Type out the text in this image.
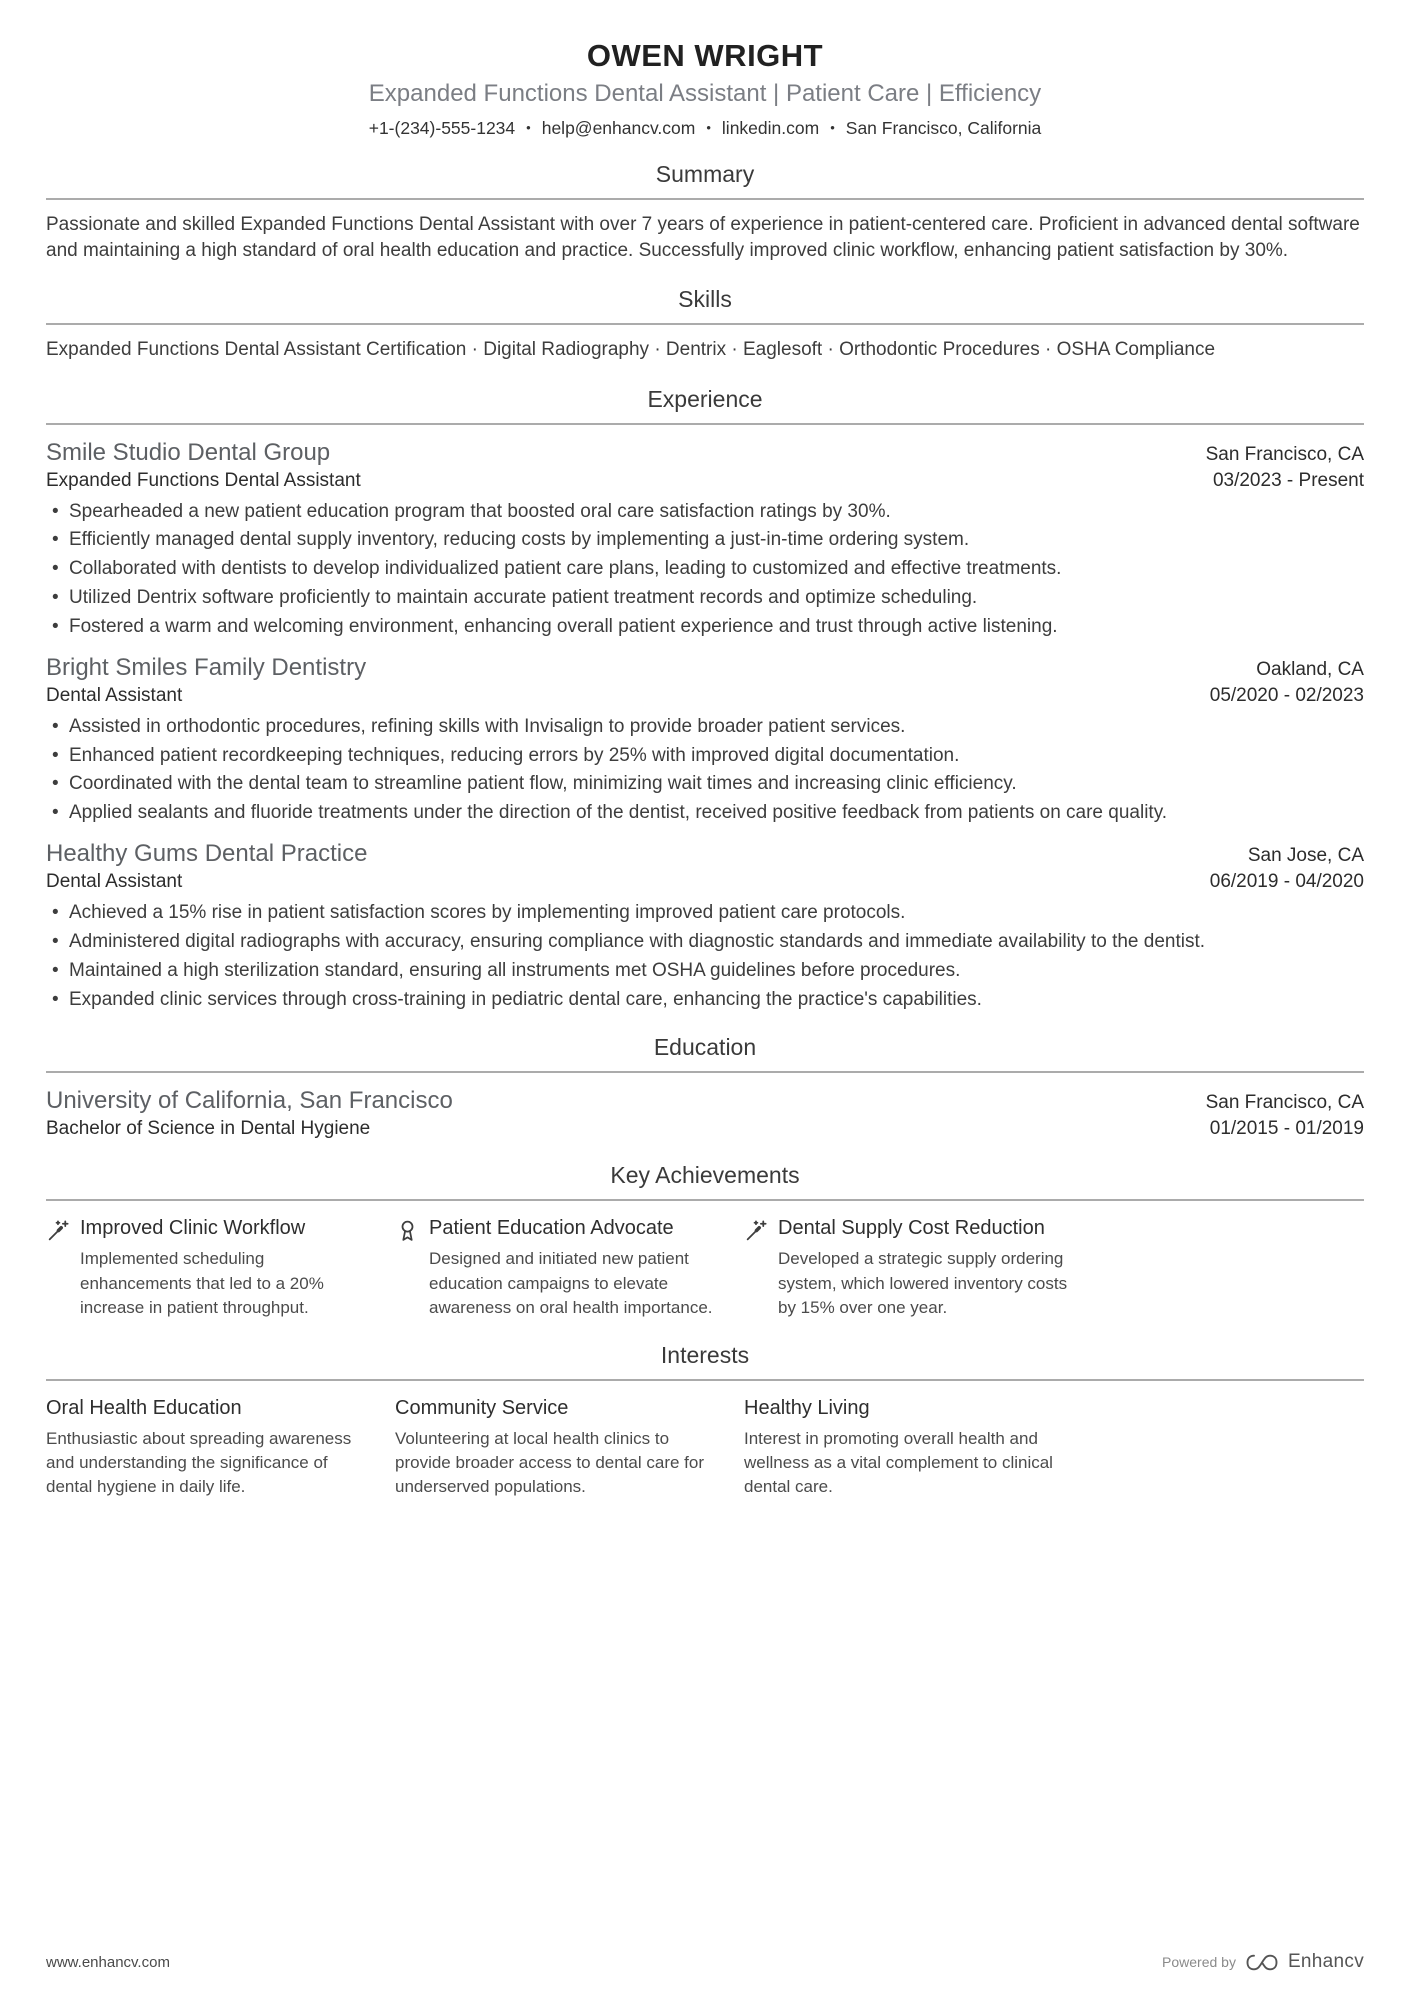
OWEN WRIGHT
Expanded Functions Dental Assistant | Patient Care | Efficiency
+1-(234)-555-1234 • help@enhancv.com • linkedin.com • San Francisco, California
Summary

Passionate and skilled Expanded Functions Dental Assistant with over 7 years of experience in patient-centered care. Proficient in advanced dental software and maintaining a high standard of oral health education and practice. Successfully improved clinic workflow, enhancing patient satisfaction by 30%.

Skills

Expanded Functions Dental Assistant Certification · Digital Radiography · Dentrix · Eaglesoft · Orthodontic Procedures · OSHA Compliance

Experience
Smile Studio Dental Group	San Francisco, CA
Expanded Functions Dental Assistant	03/2023 - Present
• Spearheaded a new patient education program that boosted oral care satisfaction ratings by 30%.
• Efficiently managed dental supply inventory, reducing costs by implementing a just-in-time ordering system.
• Collaborated with dentists to develop individualized patient care plans, leading to customized and effective treatments.
• Utilized Dentrix software proficiently to maintain accurate patient treatment records and optimize scheduling.
• Fostered a warm and welcoming environment, enhancing overall patient experience and trust through active listening.
Bright Smiles Family Dentistry	Oakland, CA
Dental Assistant	05/2020 - 02/2023
• Assisted in orthodontic procedures, refining skills with Invisalign to provide broader patient services.
• Enhanced patient recordkeeping techniques, reducing errors by 25% with improved digital documentation.
• Coordinated with the dental team to streamline patient flow, minimizing wait times and increasing clinic efficiency.
• Applied sealants and fluoride treatments under the direction of the dentist, received positive feedback from patients on care quality.
Healthy Gums Dental Practice	San Jose, CA
Dental Assistant	06/2019 - 04/2020
• Achieved a 15% rise in patient satisfaction scores by implementing improved patient care protocols.
• Administered digital radiographs with accuracy, ensuring compliance with diagnostic standards and immediate availability to the dentist.
• Maintained a high sterilization standard, ensuring all instruments met OSHA guidelines before procedures.
• Expanded clinic services through cross-training in pediatric dental care, enhancing the practice's capabilities.
Education
University of California, San Francisco	San Francisco, CA
Bachelor of Science in Dental Hygiene	01/2015 - 01/2019
Key Achievements
Improved Clinic Workflow

Implemented scheduling enhancements that led to a 20% increase in patient throughput.

Patient Education Advocate

Designed and initiated new patient education campaigns to elevate awareness on oral health importance.

Dental Supply Cost Reduction

Developed a strategic supply ordering system, which lowered inventory costs by 15% over one year.

Interests
Oral Health Education

Enthusiastic about spreading awareness and understanding the significance of dental hygiene in daily life.

Community Service

Volunteering at local health clinics to provide broader access to dental care for underserved populations.

Healthy Living

Interest in promoting overall health and wellness as a vital complement to clinical dental care.

www.enhancv.com	Powered by	Enhancv
